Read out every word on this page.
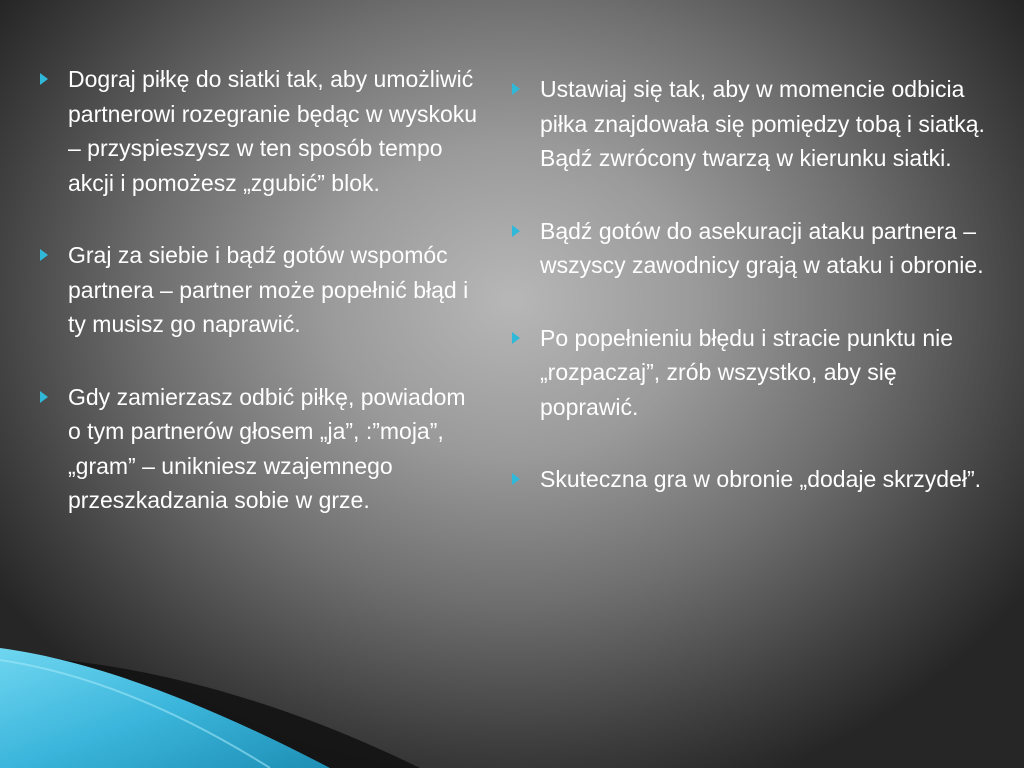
Dograj piłkę do siatki tak, aby umożliwić partnerowi rozegranie będąc w wyskoku – przyspieszysz w ten sposób tempo akcji i pomożesz „zgubić” blok.
Graj za siebie i bądź gotów wspomóc partnera – partner może popełnić błąd i ty musisz go naprawić.
Gdy zamierzasz odbić piłkę, powiadom o tym partnerów głosem „ja”, :”moja”, „gram” – unikniesz wzajemnego przeszkadzania sobie w grze.
Ustawiaj się tak, aby w momencie odbicia piłka znajdowała się pomiędzy tobą i siatką. Bądź zwrócony twarzą w kierunku siatki.
Bądź gotów do asekuracji ataku partnera – wszyscy zawodnicy grają w ataku i obronie.
Po popełnieniu błędu i stracie punktu nie „rozpaczaj”, zrób wszystko, aby się poprawić.
Skuteczna gra w obronie „dodaje skrzydeł”.
